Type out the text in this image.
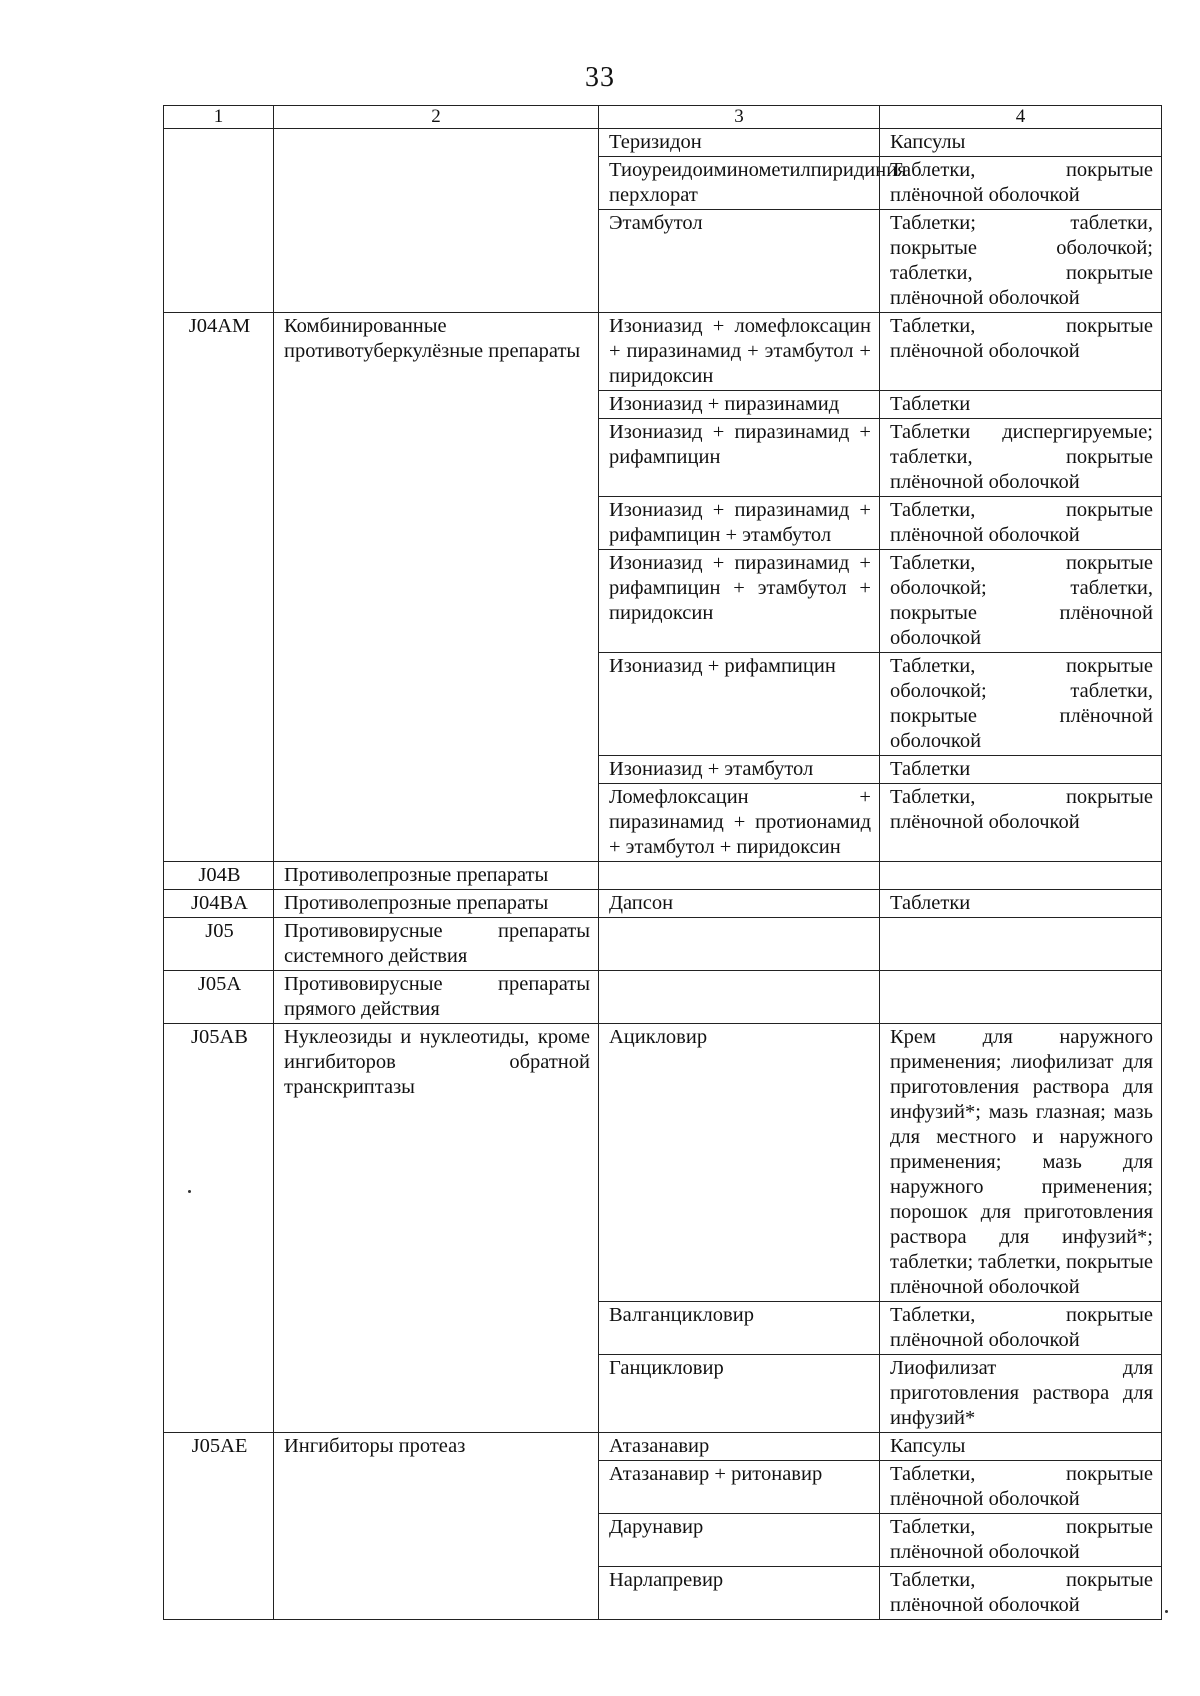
33
1	2	3	4
		Теризидон	Капсулы
		Тиоуреидоиминометилпиридиния перхлорат	Таблетки, покрытые плёночной оболочкой
		Этамбутол	Таблетки; таблетки, покрытые оболочкой; таблетки, покрытые плёночной оболочкой
J04AM	Комбинированные противотуберкулёзные препараты	Изониазид + ломефлоксацин + пиразинамид + этамбутол + пиридоксин	Таблетки, покрытые плёночной оболочкой
		Изониазид + пиразинамид	Таблетки
		Изониазид + пиразинамид + рифампицин	Таблетки диспергируемые; таблетки, покрытые плёночной оболочкой
		Изониазид + пиразинамид + рифампицин + этамбутол	Таблетки, покрытые плёночной оболочкой
		Изониазид + пиразинамид + рифампицин + этамбутол + пиридоксин	Таблетки, покрытые оболочкой; таблетки, покрытые плёночной оболочкой
		Изониазид + рифампицин	Таблетки, покрытые оболочкой; таблетки, покрытые плёночной оболочкой
		Изониазид + этамбутол	Таблетки
		Ломефлоксацин + пиразинамид + протионамид + этамбутол + пиридоксин	Таблетки, покрытые плёночной оболочкой
J04B	Противолепрозные препараты		
J04BA	Противолепрозные препараты	Дапсон	Таблетки
J05	Противовирусные препараты системного действия		
J05A	Противовирусные препараты прямого действия		
J05AB	Нуклеозиды и нуклеотиды, кроме ингибиторов обратной транскриптазы	Ацикловир	Крем для наружного применения; лиофилизат для приготовления раствора для инфузий*; мазь глазная; мазь для местного и наружного применения; мазь для наружного применения; порошок для приготовления раствора для инфузий*; таблетки; таблетки, покрытые плёночной оболочкой
		Валганцикловир	Таблетки, покрытые плёночной оболочкой
		Ганцикловир	Лиофилизат для приготовления раствора для инфузий*
J05AE	Ингибиторы протеаз	Атазанавир	Капсулы
		Атазанавир + ритонавир	Таблетки, покрытые плёночной оболочкой
		Дарунавир	Таблетки, покрытые плёночной оболочкой
		Нарлапревир	Таблетки, покрытые плёночной оболочкой
